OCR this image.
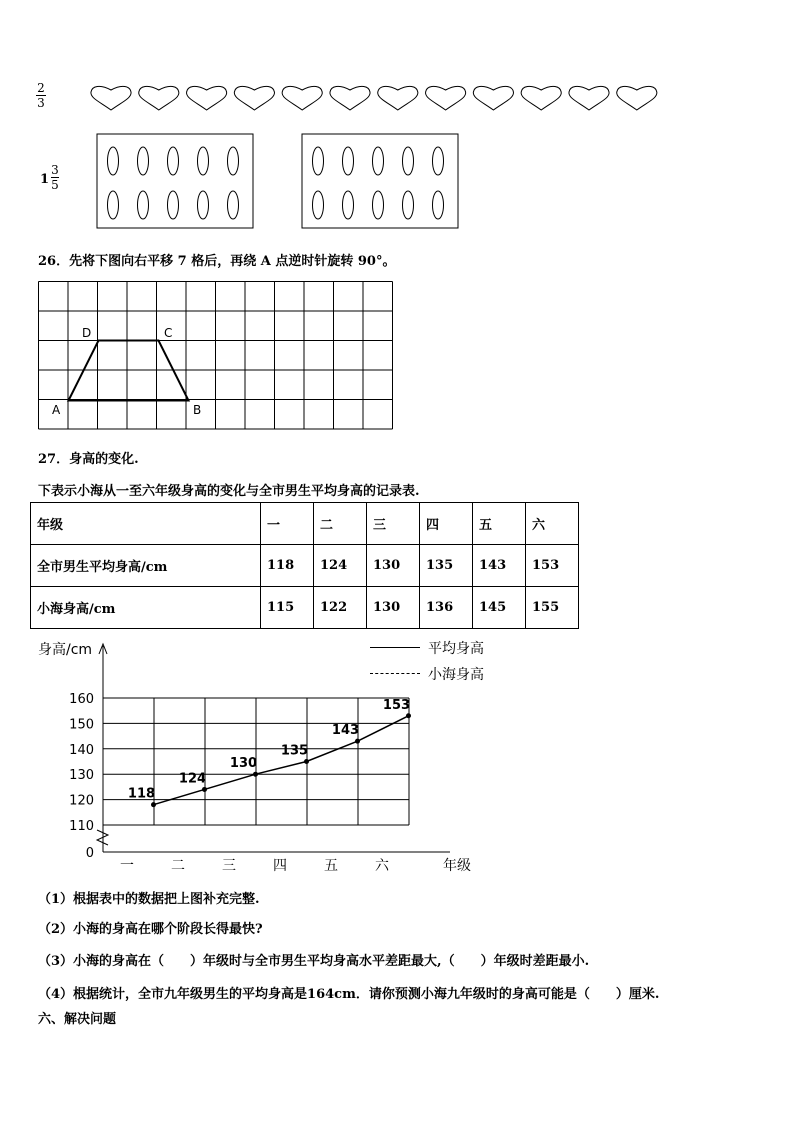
2
3
1
3
5
26．先将下图向右平移 7 格后，再绕 A 点逆时针旋转 90°。
D	C
A	B
27．身高的变化.
下表示小海从一至六年级身高的变化与全市男生平均身高的记录表.
年级	一	二	三	四	五	六
全市男生平均身高/cm	118	124	130	135	143	153
小海身高/cm	115	122	130	136	145	155
身高/cm
年级
0
110
120
130
140
150
160
一	二	三	四	五	六
118
124
130
135
143
153
平均身高
小海身高
（1）根据表中的数据把上图补充完整.
（2）小海的身高在哪个阶段长得最快?
（3）小海的身高在（　　）年级时与全市男生平均身高水平差距最大,（　　）年级时差距最小.
（4）根据统计，全市九年级男生的平均身高是164cm．请你预测小海九年级时的身高可能是（　　）厘米.
六、解决问题
